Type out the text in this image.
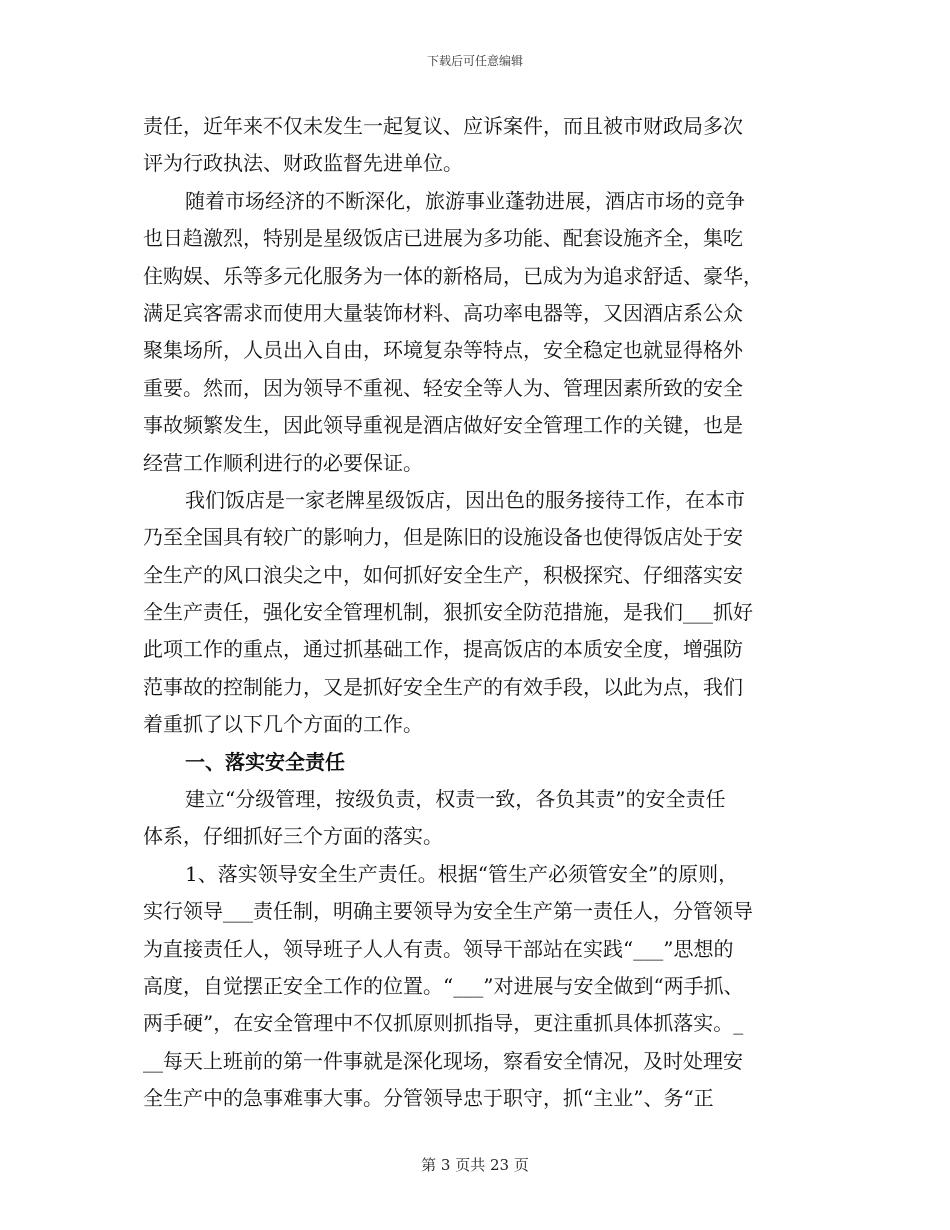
下载后可任意编辑
责任，近年来不仅未发生一起复议、应诉案件，而且被市财政局多次
评为行政执法、财政监督先进单位。
随着市场经济的不断深化，旅游事业蓬勃进展，酒店市场的竞争
也日趋激烈，特别是星级饭店已进展为多功能、配套设施齐全，集吃
住购娱、乐等多元化服务为一体的新格局，已成为为追求舒适、豪华，
满足宾客需求而使用大量装饰材料、高功率电器等，又因酒店系公众
聚集场所，人员出入自由，环境复杂等特点，安全稳定也就显得格外
重要。然而，因为领导不重视、轻安全等人为、管理因素所致的安全
事故频繁发生，因此领导重视是酒店做好安全管理工作的关键，也是
经营工作顺利进行的必要保证。
我们饭店是一家老牌星级饭店，因出色的服务接待工作，在本市
乃至全国具有较广的影响力，但是陈旧的设施设备也使得饭店处于安
全生产的风口浪尖之中，如何抓好安全生产，积极探究、仔细落实安
全生产责任，强化安全管理机制，狠抓安全防范措施，是我们___抓好
此项工作的重点，通过抓基础工作，提高饭店的本质安全度，增强防
范事故的控制能力，又是抓好安全生产的有效手段，以此为点，我们
着重抓了以下几个方面的工作。
一、落实安全责任
建立“分级管理，按级负责，权责一致，各负其责”的安全责任
体系，仔细抓好三个方面的落实。
1、落实领导安全生产责任。根据“管生产必须管安全”的原则，
实行领导___责任制，明确主要领导为安全生产第一责任人，分管领导
为直接责任人，领导班子人人有责。领导干部站在实践“___”思想的
高度，自觉摆正安全工作的位置。“___”对进展与安全做到“两手抓、
两手硬”，在安全管理中不仅抓原则抓指导，更注重抓具体抓落实。_
__每天上班前的第一件事就是深化现场，察看安全情况，及时处理安
全生产中的急事难事大事。分管领导忠于职守，抓“主业”、务“正
第 3 页共 23 页
